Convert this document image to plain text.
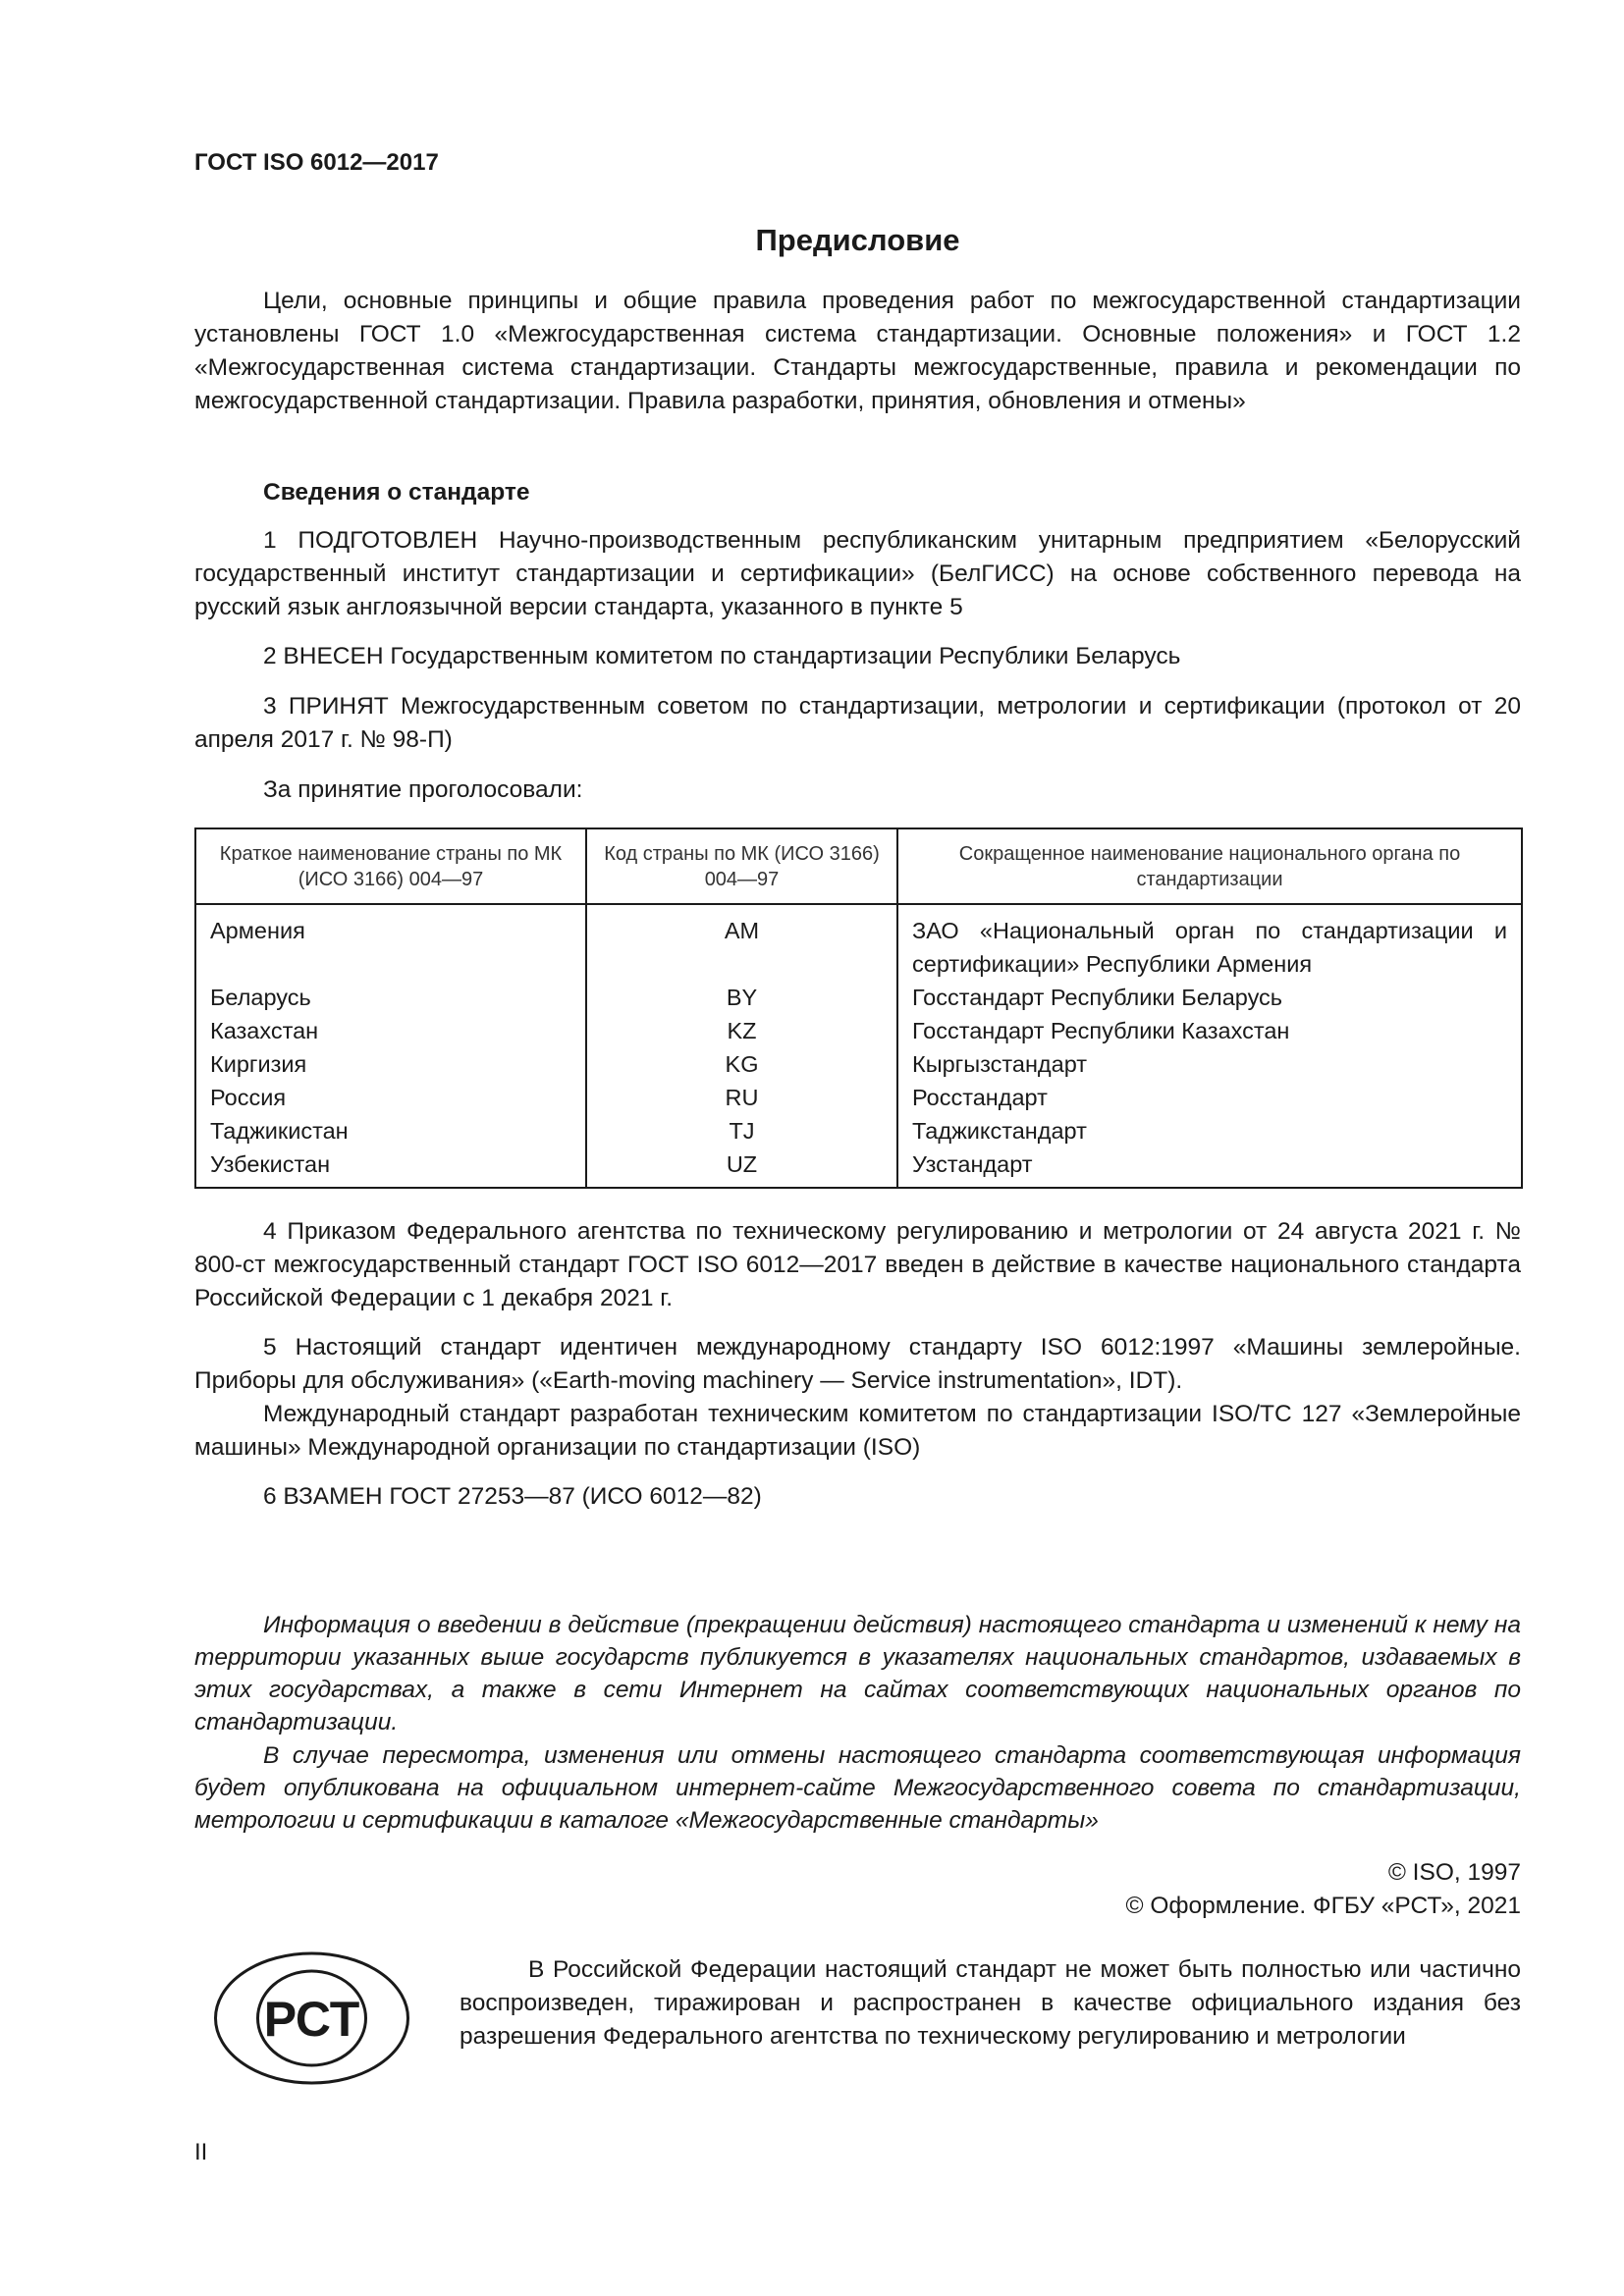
ГОСТ ISO 6012—2017
Предисловие

Цели, основные принципы и общие правила проведения работ по межгосударственной стандартизации установлены ГОСТ 1.0 «Межгосударственная система стандартизации. Основные положения» и ГОСТ 1.2 «Межгосударственная система стандартизации. Стандарты межгосударственные, правила и рекомендации по межгосударственной стандартизации. Правила разработки, принятия, обновления и отмены»

Сведения о стандарте

1 ПОДГОТОВЛЕН Научно-производственным республиканским унитарным предприятием «Белорусский государственный институт стандартизации и сертификации» (БелГИСС) на основе собственного перевода на русский язык англоязычной версии стандарта, указанного в пункте 5

2 ВНЕСЕН Государственным комитетом по стандартизации Республики Беларусь

3 ПРИНЯТ Межгосударственным советом по стандартизации, метрологии и сертификации (протокол от 20 апреля 2017 г. № 98-П)

За принятие проголосовали:
Краткое наименование страны по МК (ИСО 3166) 004—97	Код страны по МК (ИСО 3166) 004—97	Сокращенное наименование национального органа по стандартизации
Армения	AM	ЗАО «Национальный орган по стандартизации и сертификации» Республики Армения
Беларусь	BY	Госстандарт Республики Беларусь
Казахстан	KZ	Госстандарт Республики Казахстан
Киргизия	KG	Кыргызстандарт
Россия	RU	Росстандарт
Таджикистан	TJ	Таджикстандарт
Узбекистан	UZ	Узстандарт

4 Приказом Федерального агентства по техническому регулированию и метрологии от 24 августа 2021 г. № 800-ст межгосударственный стандарт ГОСТ ISO 6012—2017 введен в действие в качестве национального стандарта Российской Федерации с 1 декабря 2021 г.

5 Настоящий стандарт идентичен международному стандарту ISO 6012:1997 «Машины землеройные. Приборы для обслуживания» («Earth-moving machinery — Service instrumentation», IDT).

Международный стандарт разработан техническим комитетом по стандартизации ISO/TC 127 «Землеройные машины» Международной организации по стандартизации (ISO)

6 ВЗАМЕН ГОСТ 27253—87 (ИСО 6012—82)

Информация о введении в действие (прекращении действия) настоящего стандарта и изменений к нему на территории указанных выше государств публикуется в указателях национальных стандартов, издаваемых в этих государствах, а также в сети Интернет на сайтах соответствующих национальных органов по стандартизации.

В случае пересмотра, изменения или отмены настоящего стандарта соответствующая информация будет опубликована на официальном интернет-сайте Межгосударственного совета по стандартизации, метрологии и сертификации в каталоге «Межгосударственные стандарты»

© ISO, 1997
© Оформление. ФГБУ «РСТ», 2021
РСТ

В Российской Федерации настоящий стандарт не может быть полностью или частично воспроизведен, тиражирован и распространен в качестве официального издания без разрешения Федерального агентства по техническому регулированию и метрологии

II
